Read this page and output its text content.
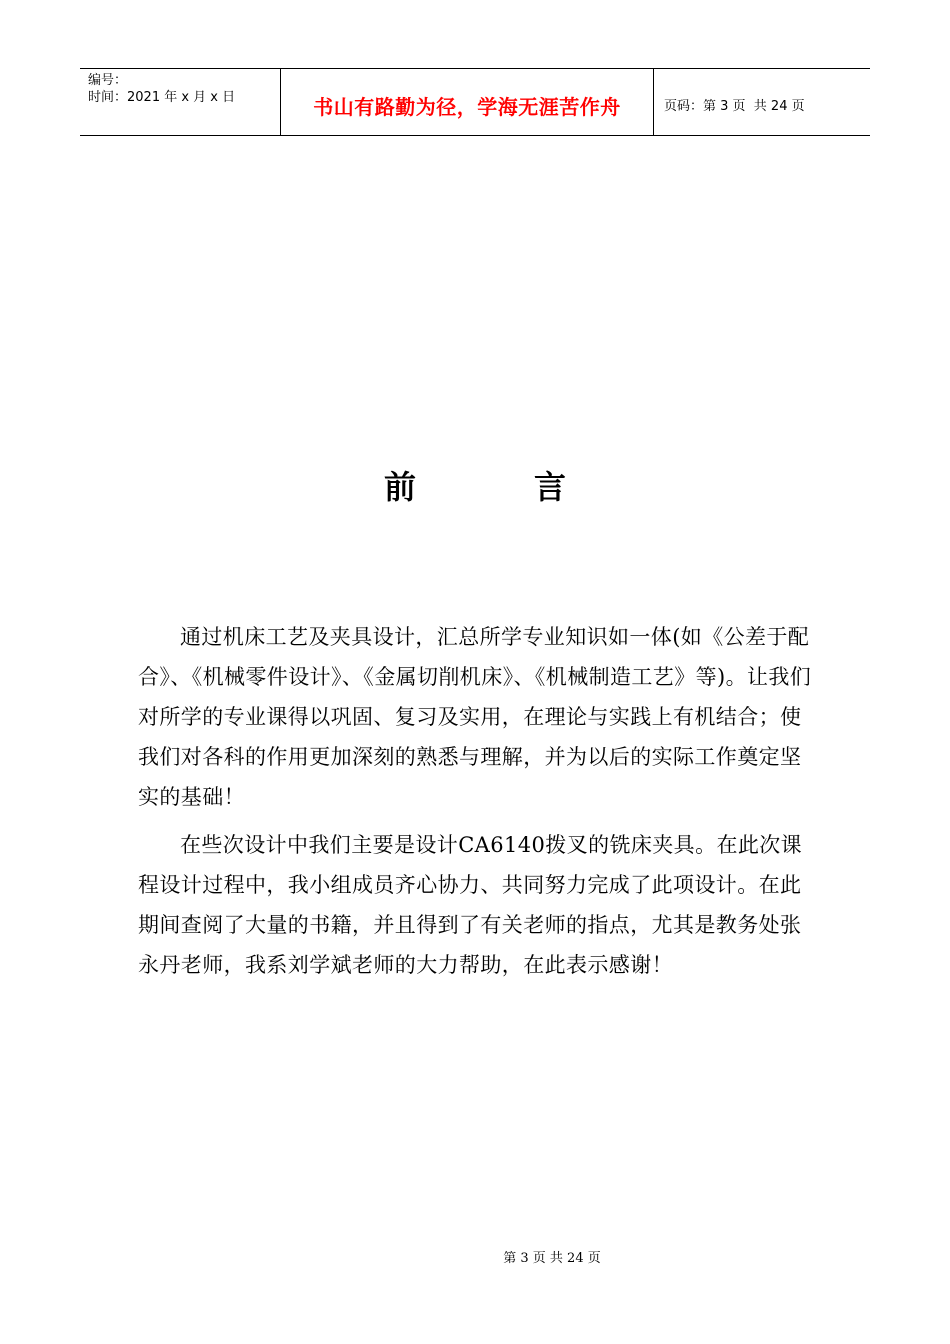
编号：
时间：2021 年 x 月 x 日	书山有路勤为径，学海无涯苦作舟	页码：第 3 页  共 24 页
前	言

通过机床工艺及夹具设计，汇总所学专业知识如一体(如《公差于配合》、《机械零件设计》、《金属切削机床》、《机械制造工艺》等)。让我们对所学的专业课得以巩固、复习及实用，在理论与实践上有机结合；使我们对各科的作用更加深刻的熟悉与理解，并为以后的实际工作奠定坚实的基础！

在些次设计中我们主要是设计CA6140拨叉的铣床夹具。在此次课程设计过程中，我小组成员齐心协力、共同努力完成了此项设计。在此期间查阅了大量的书籍，并且得到了有关老师的指点，尤其是教务处张永丹老师，我系刘学斌老师的大力帮助，在此表示感谢！

第 3 页 共 24 页
